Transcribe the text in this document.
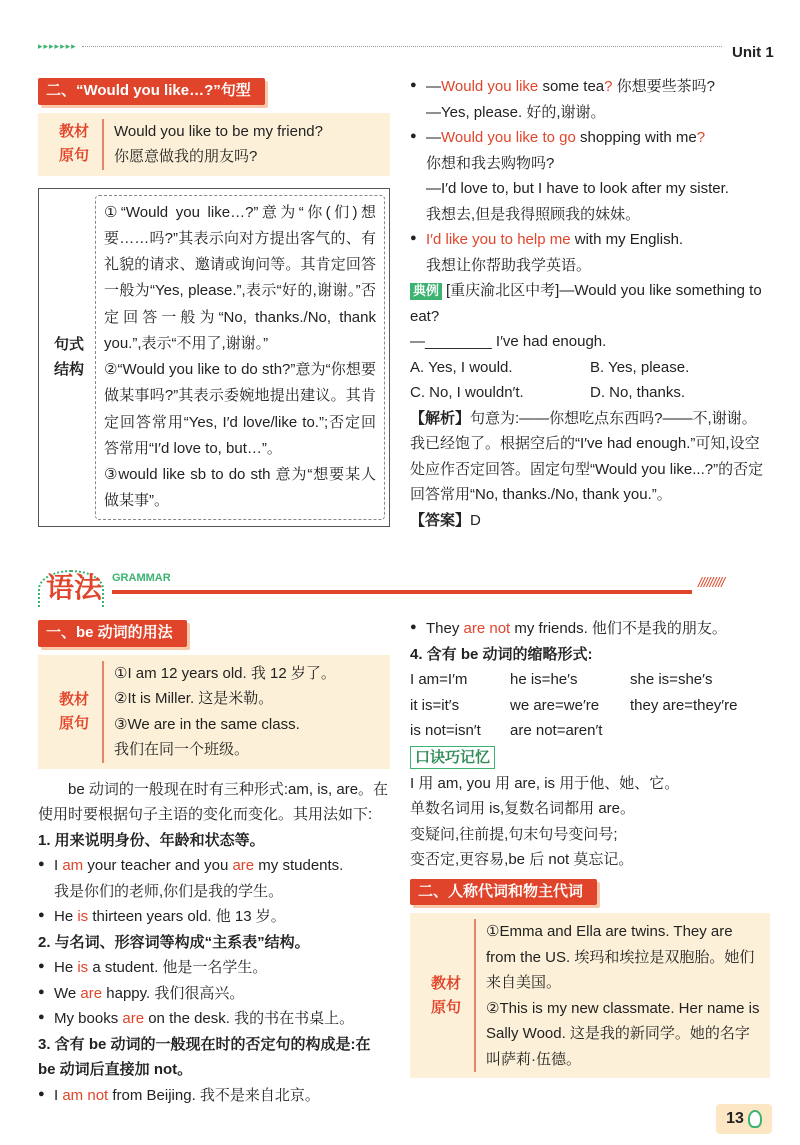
▸▸▸▸▸▸▸	Unit 1
二、“Would you like…?”句型
教材
原句
Would you like to be my friend?
你愿意做我的朋友吗?
句式
结构
①“Would you like…?”意为“你(们)想要……吗?”其表示向对方提出客气的、有礼貌的请求、邀请或询问等。其肯定回答一般为“Yes, please.”,表示“好的,谢谢。”否定回答一般为“No, thanks./No, thank you.”,表示“不用了,谢谢。”
②“Would you like to do sth?”意为“你想要做某事吗?”其表示委婉地提出建议。其肯定回答常用“Yes, I′d love/like to.”;否定回答常用“I′d love to, but…”。
③would like sb to do sth 意为“想要某人做某事”。
● —Would you like some tea? 你想要些茶吗?
—Yes, please. 好的,谢谢。
● —Would you like to go shopping with me?
你想和我去购物吗?
—I′d love to, but I have to look after my sister.
我想去,但是我得照顾我的妹妹。
● I′d like you to help me with my English.
我想让你帮助我学英语。
典例 [重庆渝北区中考]—Would you like something to eat?
—________ I′ve had enough.
A. Yes, I would.	B. Yes, please.
C. No, I wouldn′t.	D. No, thanks.
【解析】句意为:——你想吃点东西吗?——不,谢谢。我已经饱了。根据空后的“I′ve had enough.”可知,设空处应作否定回答。固定句型“Would you like...?”的否定回答常用“No, thanks./No, thank you.”。
【答案】D
语法 GRAMMAR	/////////
一、be 动词的用法
教材
原句
①I am 12 years old. 我 12 岁了。
②It is Miller. 这是米勒。
③We are in the same class.
我们在同一个班级。
be 动词的一般现在时有三种形式:am, is, are。在使用时要根据句子主语的变化而变化。其用法如下:
1. 用来说明身份、年龄和状态等。
● I am your teacher and you are my students.
我是你们的老师,你们是我的学生。
● He is thirteen years old. 他 13 岁。
2. 与名词、形容词等构成“主系表”结构。
● He is a student. 他是一名学生。
● We are happy. 我们很高兴。
● My books are on the desk. 我的书在书桌上。
3. 含有 be 动词的一般现在时的否定句的构成是:在 be 动词后直接加 not。
● I am not from Beijing. 我不是来自北京。
● They are not my friends. 他们不是我的朋友。
4. 含有 be 动词的缩略形式:
I am=I′m	he is=he′s	she is=she′s
it is=it′s	we are=we′re	they are=they′re
is not=isn′t	are not=aren′t
口诀巧记忆
I 用 am, you 用 are, is 用于他、她、它。
单数名词用 is,复数名词都用 are。
变疑问,往前提,句末句号变问号;
变否定,更容易,be 后 not 莫忘记。
二、人称代词和物主代词
教材
原句
①Emma and Ella are twins. They are from the US. 埃玛和埃拉是双胞胎。她们来自美国。
②This is my new classmate. Her name is Sally Wood. 这是我的新同学。她的名字叫萨莉·伍德。
13
